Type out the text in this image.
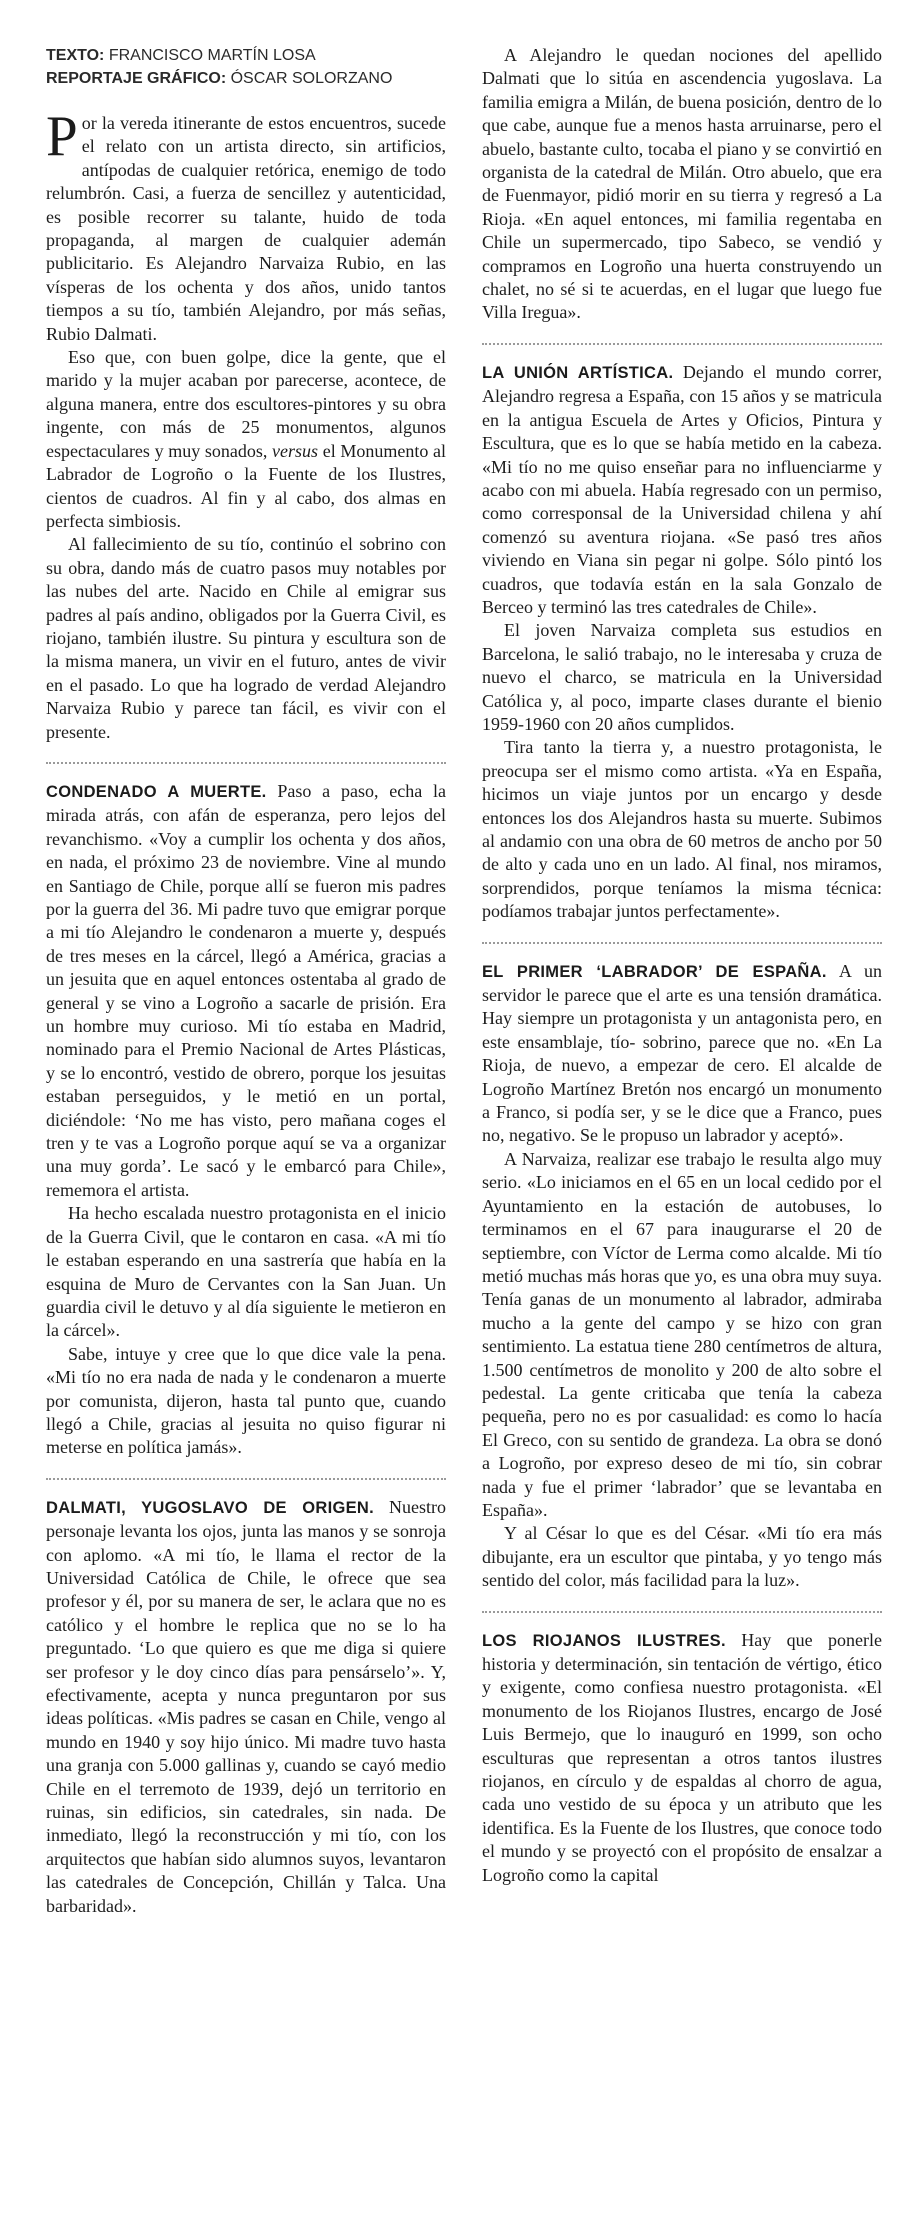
TEXTO: FRANCISCO MARTÍN LOSA
REPORTAJE GRÁFICO: ÓSCAR SOLORZANO

Por la vereda itinerante de estos encuentros, sucede el relato con un artista directo, sin artificios, antípodas de cualquier retórica, enemigo de todo relumbrón. Casi, a fuerza de sencillez y autenticidad, es posible recorrer su talante, huido de toda propaganda, al margen de cualquier ademán publicitario. Es Alejandro Narvaiza Rubio, en las vísperas de los ochenta y dos años, unido tantos tiempos a su tío, también Alejandro, por más señas, Rubio Dalmati.

Eso que, con buen golpe, dice la gente, que el marido y la mujer acaban por parecerse, acontece, de alguna manera, entre dos escultores-pintores y su obra ingente, con más de 25 monumentos, algunos espectaculares y muy sonados, versus el Monumento al Labrador de Logroño o la Fuente de los Ilustres, cientos de cuadros. Al fin y al cabo, dos almas en perfecta simbiosis.

Al fallecimiento de su tío, continúo el sobrino con su obra, dando más de cuatro pasos muy notables por las nubes del arte. Nacido en Chile al emigrar sus padres al país andino, obligados por la Guerra Civil, es riojano, también ilustre. Su pintura y escultura son de la misma manera, un vivir en el futuro, antes de vivir en el pasado. Lo que ha logrado de verdad Alejandro Narvaiza Rubio y parece tan fácil, es vivir con el presente.

CONDENADO A MUERTE. Paso a paso, echa la mirada atrás, con afán de esperanza, pero lejos del revanchismo. «Voy a cumplir los ochenta y dos años, en nada, el próximo 23 de noviembre. Vine al mundo en Santiago de Chile, porque allí se fueron mis padres por la guerra del 36. Mi padre tuvo que emigrar porque a mi tío Alejandro le condenaron a muerte y, después de tres meses en la cárcel, llegó a América, gracias a un jesuita que en aquel entonces ostentaba al grado de general y se vino a Logroño a sacarle de prisión. Era un hombre muy curioso. Mi tío estaba en Madrid, nominado para el Premio Nacional de Artes Plásticas, y se lo encontró, vestido de obrero, porque los jesuitas estaban perseguidos, y le metió en un portal, diciéndole: ‘No me has visto, pero mañana coges el tren y te vas a Logroño porque aquí se va a organizar una muy gorda’. Le sacó y le embarcó para Chile», rememora el artista.

Ha hecho escalada nuestro protagonista en el inicio de la Guerra Civil, que le contaron en casa. «A mi tío le estaban esperando en una sastrería que había en la esquina de Muro de Cervantes con la San Juan. Un guardia civil le detuvo y al día siguiente le metieron en la cárcel».

Sabe, intuye y cree que lo que dice vale la pena. «Mi tío no era nada de nada y le condenaron a muerte por comunista, dijeron, hasta tal punto que, cuando llegó a Chile, gracias al jesuita no quiso figurar ni meterse en política jamás».

DALMATI, YUGOSLAVO DE ORIGEN. Nuestro personaje levanta los ojos, junta las manos y se sonroja con aplomo. «A mi tío, le llama el rector de la Universidad Católica de Chile, le ofrece que sea profesor y él, por su manera de ser, le aclara que no es católico y el hombre le replica que no se lo ha preguntado. ‘Lo que quiero es que me diga si quiere ser profesor y le doy cinco días para pensárselo’». Y, efectivamente, acepta y nunca preguntaron por sus ideas políticas. «Mis padres se casan en Chile, vengo al mundo en 1940 y soy hijo único. Mi madre tuvo hasta una granja con 5.000 gallinas y, cuando se cayó medio Chile en el terremoto de 1939, dejó un territorio en ruinas, sin edificios, sin catedrales, sin nada. De inmediato, llegó la reconstrucción y mi tío, con los arquitectos que habían sido alumnos suyos, levantaron las catedrales de Concepción, Chillán y Talca. Una barbaridad».

A Alejandro le quedan nociones del apellido Dalmati que lo sitúa en ascendencia yugoslava. La familia emigra a Milán, de buena posición, dentro de lo que cabe, aunque fue a menos hasta arruinarse, pero el abuelo, bastante culto, tocaba el piano y se convirtió en organista de la catedral de Milán. Otro abuelo, que era de Fuenmayor, pidió morir en su tierra y regresó a La Rioja. «En aquel entonces, mi familia regentaba en Chile un supermercado, tipo Sabeco, se vendió y compramos en Logroño una huerta construyendo un chalet, no sé si te acuerdas, en el lugar que luego fue Villa Iregua».

LA UNIÓN ARTÍSTICA. Dejando el mundo correr, Alejandro regresa a España, con 15 años y se matricula en la antigua Escuela de Artes y Oficios, Pintura y Escultura, que es lo que se había metido en la cabeza. «Mi tío no me quiso enseñar para no influenciarme y acabo con mi abuela. Había regresado con un permiso, como corresponsal de la Universidad chilena y ahí comenzó su aventura riojana. «Se pasó tres años viviendo en Viana sin pegar ni golpe. Sólo pintó los cuadros, que todavía están en la sala Gonzalo de Berceo y terminó las tres catedrales de Chile».

El joven Narvaiza completa sus estudios en Barcelona, le salió trabajo, no le interesaba y cruza de nuevo el charco, se matricula en la Universidad Católica y, al poco, imparte clases durante el bienio 1959-1960 con 20 años cumplidos.

Tira tanto la tierra y, a nuestro protagonista, le preocupa ser el mismo como artista. «Ya en España, hicimos un viaje juntos por un encargo y desde entonces los dos Alejandros hasta su muerte. Subimos al andamio con una obra de 60 metros de ancho por 50 de alto y cada uno en un lado. Al final, nos miramos, sorprendidos, porque teníamos la misma técnica: podíamos trabajar juntos perfectamente».

EL PRIMER ‘LABRADOR’ DE ESPAÑA. A un servidor le parece que el arte es una tensión dramática. Hay siempre un protagonista y un antagonista pero, en este ensamblaje, tío- sobrino, parece que no. «En La Rioja, de nuevo, a empezar de cero. El alcalde de Logroño Martínez Bretón nos encargó un monumento a Franco, si podía ser, y se le dice que a Franco, pues no, negativo. Se le propuso un labrador y aceptó».

A Narvaiza, realizar ese trabajo le resulta algo muy serio. «Lo iniciamos en el 65 en un local cedido por el Ayuntamiento en la estación de autobuses, lo terminamos en el 67 para inaugurarse el 20 de septiembre, con Víctor de Lerma como alcalde. Mi tío metió muchas más horas que yo, es una obra muy suya. Tenía ganas de un monumento al labrador, admiraba mucho a la gente del campo y se hizo con gran sentimiento. La estatua tiene 280 centímetros de altura, 1.500 centímetros de monolito y 200 de alto sobre el pedestal. La gente criticaba que tenía la cabeza pequeña, pero no es por casualidad: es como lo hacía El Greco, con su sentido de grandeza. La obra se donó a Logroño, por expreso deseo de mi tío, sin cobrar nada y fue el primer ‘labrador’ que se levantaba en España».

Y al César lo que es del César. «Mi tío era más dibujante, era un escultor que pintaba, y yo tengo más sentido del color, más facilidad para la luz».

LOS RIOJANOS ILUSTRES. Hay que ponerle historia y determinación, sin tentación de vértigo, ético y exigente, como confiesa nuestro protagonista. «El monumento de los Riojanos Ilustres, encargo de José Luis Bermejo, que lo inauguró en 1999, son ocho esculturas que representan a otros tantos ilustres riojanos, en círculo y de espaldas al chorro de agua, cada uno vestido de su época y un atributo que les identifica. Es la Fuente de los Ilustres, que conoce todo el mundo y se proyectó con el propósito de ensalzar a Logroño como la capital
